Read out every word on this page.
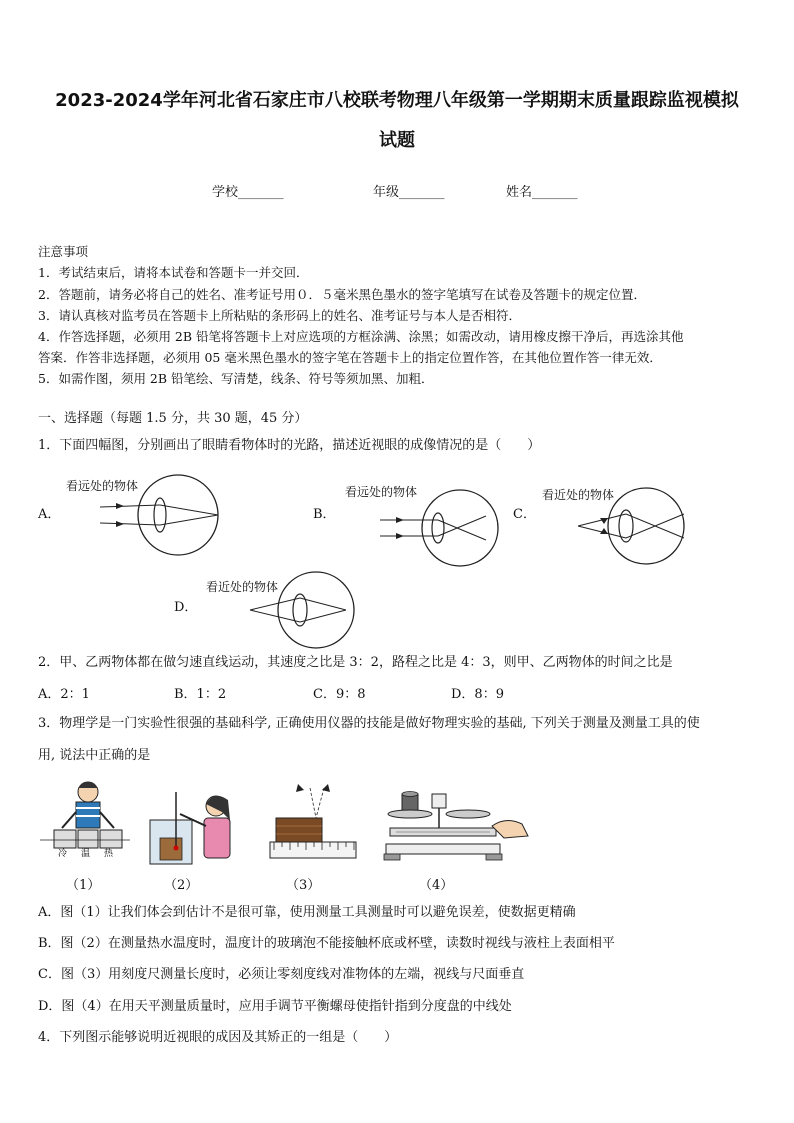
2023-2024学年河北省石家庄市八校联考物理八年级第一学期期末质量跟踪监视模拟
试题
学校_______	年级_______	姓名_______
注意事项
1．考试结束后，请将本试卷和答题卡一并交回．
2．答题前，请务必将自己的姓名、准考证号用０．５毫米黑色墨水的签字笔填写在试卷及答题卡的规定位置．
3．请认真核对监考员在答题卡上所粘贴的条形码上的姓名、准考证号与本人是否相符．
4．作答选择题，必须用 2B 铅笔将答题卡上对应选项的方框涂满、涂黑；如需改动，请用橡皮擦干净后，再选涂其他
答案．作答非选择题，必须用 05 毫米黑色墨水的签字笔在答题卡上的指定位置作答，在其他位置作答一律无效．
5．如需作图，须用 2B 铅笔绘、写清楚，线条、符号等须加黑、加粗．
一、选择题（每题 1.5 分，共 30 题，45 分）
1．下面四幅图，分别画出了眼睛看物体时的光路，描述近视眼的成像情况的是（　　）
A．
看远处的物体
B．
看远处的物体
C．
看近处的物体
D．
看近处的物体
2．甲、乙两物体都在做匀速直线运动，其速度之比是 3：2，路程之比是 4：3，则甲、乙两物体的时间之比是
A．2：1	B．1：2	C．9：8	D．8：9
3．物理学是一门实验性很强的基础科学, 正确使用仪器的技能是做好物理实验的基础, 下列关于测量及测量工具的使
用, 说法中正确的是
冷 温 热
（1）	（2）	（3）	（4）
A．图（1）让我们体会到估计不是很可靠，使用测量工具测量时可以避免误差，使数据更精确
B．图（2）在测量热水温度时，温度计的玻璃泡不能接触杯底或杯壁，读数时视线与液柱上表面相平
C．图（3）用刻度尺测量长度时，必须让零刻度线对准物体的左端，视线与尺面垂直
D．图（4）在用天平测量质量时，应用手调节平衡螺母使指针指到分度盘的中线处
4．下列图示能够说明近视眼的成因及其矫正的一组是（　　）
